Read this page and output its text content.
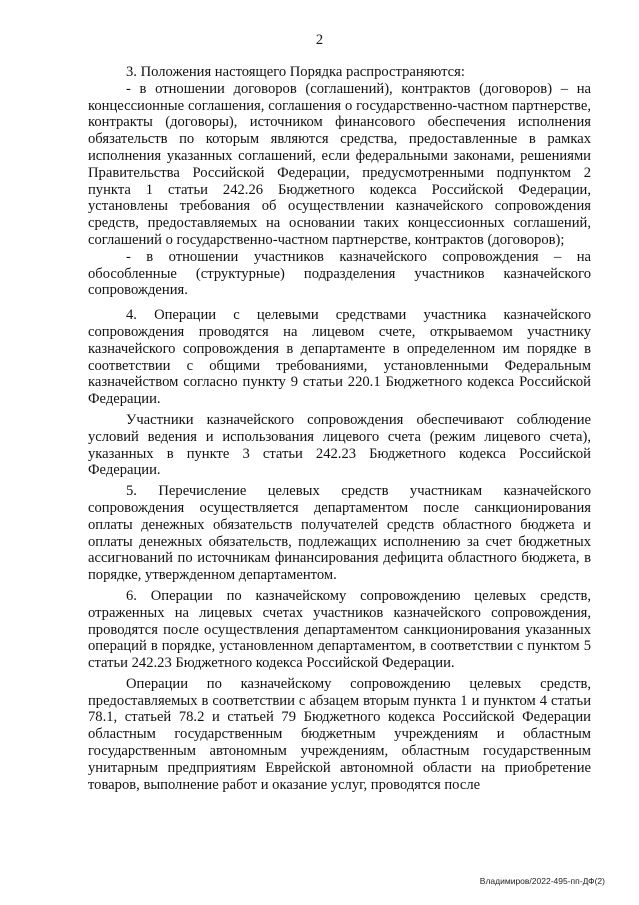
2

3. Положения настоящего Порядка распространяются:

- в отношении договоров (соглашений), контрактов (договоров) – на концессионные соглашения, соглашения о государственно-частном партнерстве, контракты (договоры), источником финансового обеспечения исполнения обязательств по которым являются средства, предоставленные в рамках исполнения указанных соглашений, если федеральными законами, решениями Правительства Российской Федерации, предусмотренными подпунктом 2 пункта 1 статьи 242.26 Бюджетного кодекса Российской Федерации, установлены требования об осуществлении казначейского сопровождения средств, предоставляемых на основании таких концессионных соглашений, соглашений о государственно-частном партнерстве, контрактов (договоров);

- в отношении участников казначейского сопровождения – на обособленные (структурные) подразделения участников казначейского сопровождения.

4. Операции с целевыми средствами участника казначейского сопровождения проводятся на лицевом счете, открываемом участнику казначейского сопровождения в департаменте в определенном им порядке в соответствии с общими требованиями, установленными Федеральным казначейством согласно пункту 9 статьи 220.1 Бюджетного кодекса Российской Федерации.

Участники казначейского сопровождения обеспечивают соблюдение условий ведения и использования лицевого счета (режим лицевого счета), указанных в пункте 3 статьи 242.23 Бюджетного кодекса Российской Федерации.

5. Перечисление целевых средств участникам казначейского сопровождения осуществляется департаментом после санкционирования оплаты денежных обязательств получателей средств областного бюджета и оплаты денежных обязательств, подлежащих исполнению за счет бюджетных ассигнований по источникам финансирования дефицита областного бюджета, в порядке, утвержденном департаментом.

6. Операции по казначейскому сопровождению целевых средств, отраженных на лицевых счетах участников казначейского сопровождения, проводятся после осуществления департаментом санкционирования указанных операций в порядке, установленном департаментом, в соответствии с пунктом 5 статьи 242.23 Бюджетного кодекса Российской Федерации.

Операции по казначейскому сопровождению целевых средств, предоставляемых в соответствии с абзацем вторым пункта 1 и пунктом 4 статьи 78.1, статьей 78.2 и статьей 79 Бюджетного кодекса Российской Федерации областным государственным бюджетным учреждениям и областным государственным автономным учреждениям, областным государственным унитарным предприятиям Еврейской автономной области на приобретение товаров, выполнение работ и оказание услуг, проводятся после

Владимиров/2022-495-пп-ДФ(2)
